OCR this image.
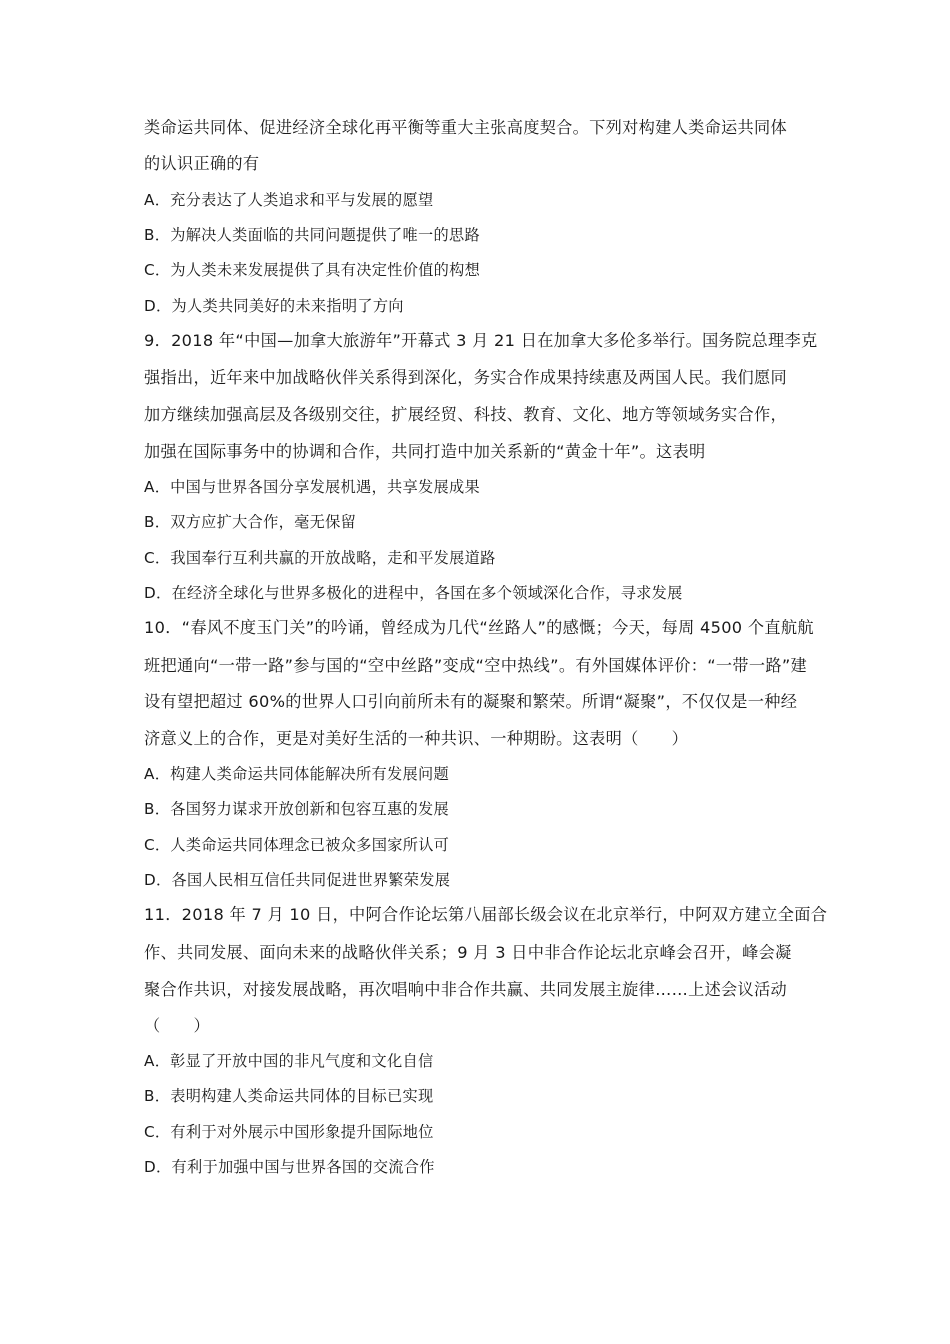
类命运共同体、促进经济全球化再平衡等重大主张高度契合。下列对构建人类命运共同体
的认识正确的有
A．充分表达了人类追求和平与发展的愿望
B．为解决人类面临的共同问题提供了唯一的思路
C．为人类未来发展提供了具有决定性价值的构想
D．为人类共同美好的未来指明了方向
9．2018 年“中国—加拿大旅游年”开幕式 3 月 21 日在加拿大多伦多举行。国务院总理李克
强指出，近年来中加战略伙伴关系得到深化，务实合作成果持续惠及两国人民。我们愿同
加方继续加强高层及各级别交往，扩展经贸、科技、教育、文化、地方等领域务实合作，
加强在国际事务中的协调和合作，共同打造中加关系新的“黄金十年”。这表明
A．中国与世界各国分享发展机遇，共享发展成果
B．双方应扩大合作，毫无保留
C．我国奉行互利共赢的开放战略，走和平发展道路
D．在经济全球化与世界多极化的进程中，各国在多个领域深化合作，寻求发展
10．“春风不度玉门关”的吟诵，曾经成为几代“丝路人”的感慨；今天，每周 4500 个直航航
班把通向“一带一路”参与国的“空中丝路”变成“空中热线”。有外国媒体评价：“一带一路”建
设有望把超过 60%的世界人口引向前所未有的凝聚和繁荣。所谓“凝聚”，不仅仅是一种经
济意义上的合作，更是对美好生活的一种共识、一种期盼。这表明（　　）
A．构建人类命运共同体能解决所有发展问题
B．各国努力谋求开放创新和包容互惠的发展
C．人类命运共同体理念已被众多国家所认可
D．各国人民相互信任共同促进世界繁荣发展
11．2018 年 7 月 10 日，中阿合作论坛第八届部长级会议在北京举行，中阿双方建立全面合
作、共同发展、面向未来的战略伙伴关系；9 月 3 日中非合作论坛北京峰会召开，峰会凝
聚合作共识，对接发展战略，再次唱响中非合作共赢、共同发展主旋律……上述会议活动
（　　）
A．彰显了开放中国的非凡气度和文化自信
B．表明构建人类命运共同体的目标已实现
C．有利于对外展示中国形象提升国际地位
D．有利于加强中国与世界各国的交流合作
